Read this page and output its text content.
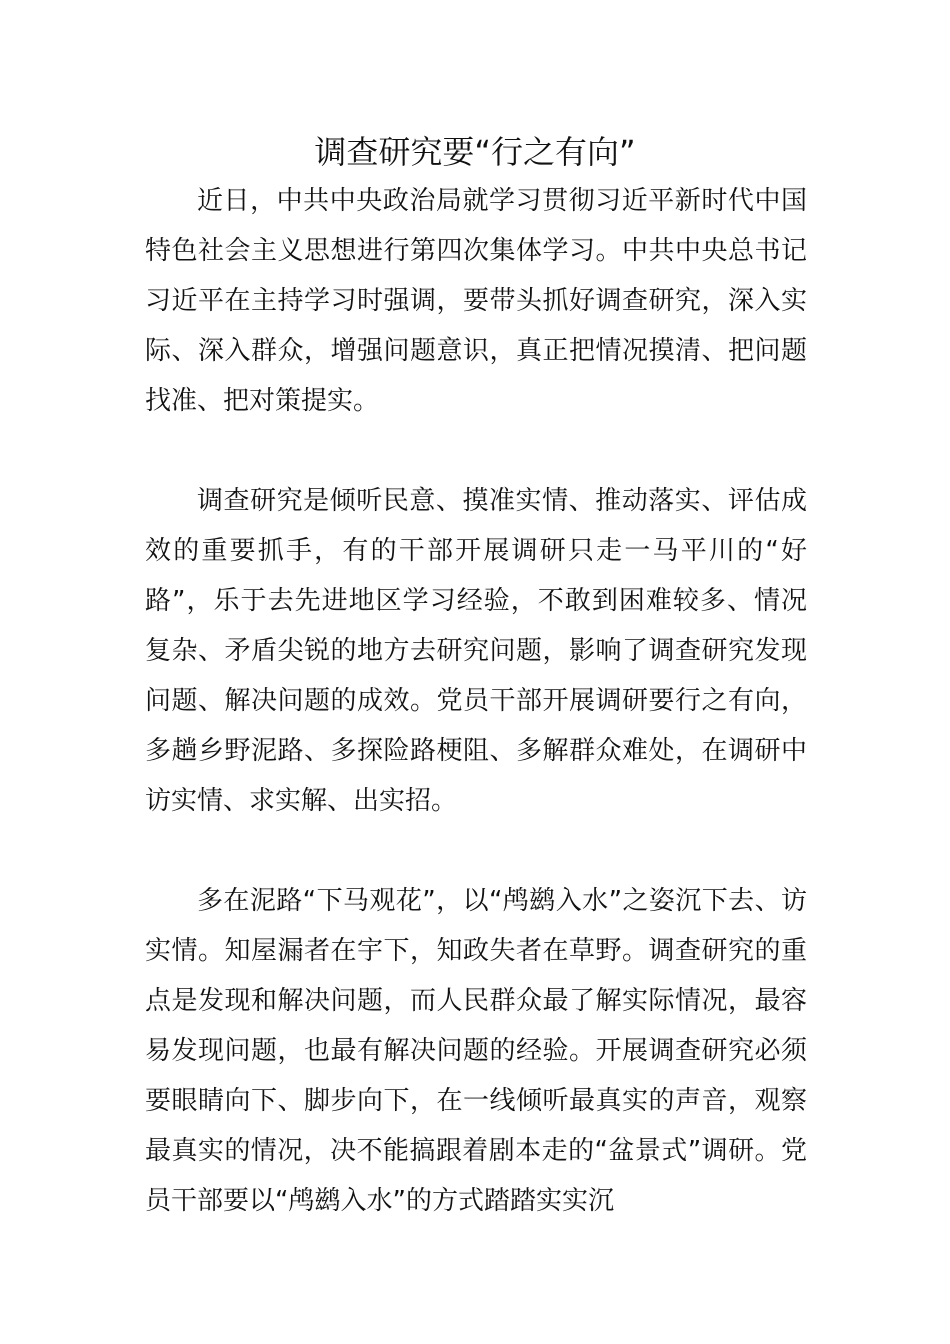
调查研究要“行之有向”

近日，中共中央政治局就学习贯彻习近平新时代中国特色社会主义思想进行第四次集体学习。中共中央总书记习近平在主持学习时强调，要带头抓好调查研究，深入实际、深入群众，增强问题意识，真正把情况摸清、把问题找准、把对策提实。

调查研究是倾听民意、摸准实情、推动落实、评估成效的重要抓手，有的干部开展调研只走一马平川的“好路”，乐于去先进地区学习经验，不敢到困难较多、情况复杂、矛盾尖锐的地方去研究问题，影响了调查研究发现问题、解决问题的成效。党员干部开展调研要行之有向，多趟乡野泥路、多探险路梗阻、多解群众难处，在调研中访实情、求实解、出实招。

多在泥路“下马观花”，以“鸬鹚入水”之姿沉下去、访实情。知屋漏者在宇下，知政失者在草野。调查研究的重点是发现和解决问题，而人民群众最了解实际情况，最容易发现问题，也最有解决问题的经验。开展调查研究必须要眼睛向下、脚步向下，在一线倾听最真实的声音，观察最真实的情况，决不能搞跟着剧本走的“盆景式”调研。党员干部要以“鸬鹚入水”的方式踏踏实实沉
